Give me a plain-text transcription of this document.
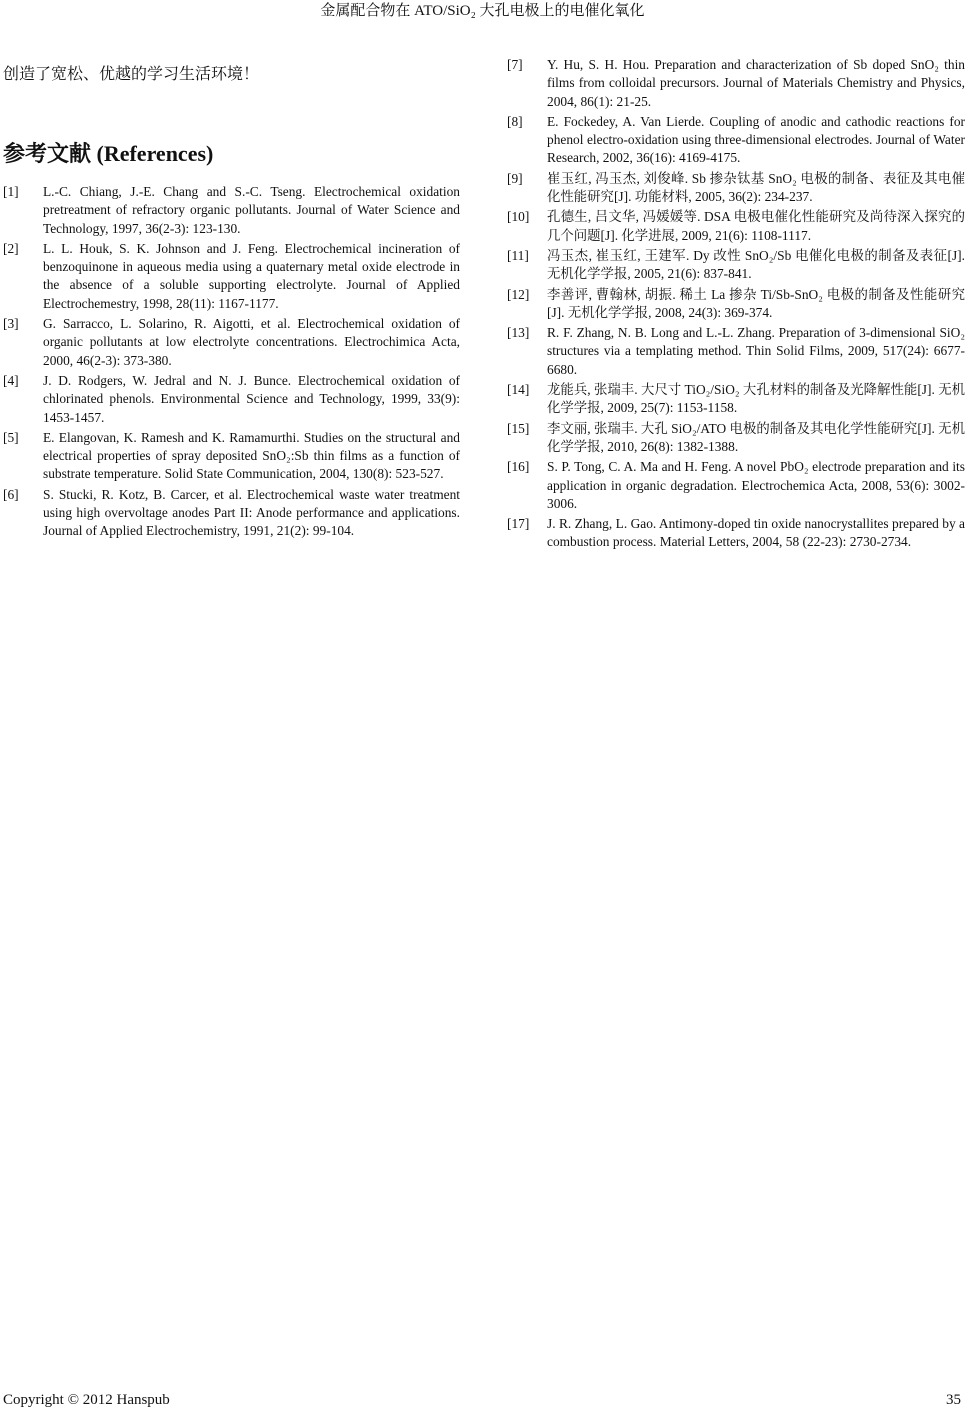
金属配合物在 ATO/SiO₂ 大孔电极上的电催化氧化

创造了宽松、优越的学习生活环境！

参考文献 (References)
[1]	L.-C. Chiang, J.-E. Chang and S.-C. Tseng. Electrochemical oxidation pretreatment of refractory organic pollutants. Journal of Water Science and Technology, 1997, 36(2-3): 123-130.
[2]	L. L. Houk, S. K. Johnson and J. Feng. Electrochemical incineration of benzoquinone in aqueous media using a quaternary metal oxide electrode in the absence of a soluble supporting electrolyte. Journal of Applied Electrochemestry, 1998, 28(11): 1167-1177.
[3]	G. Sarracco, L. Solarino, R. Aigotti, et al. Electrochemical oxidation of organic pollutants at low electrolyte concentrations. Electrochimica Acta, 2000, 46(2-3): 373-380.
[4]	J. D. Rodgers, W. Jedral and N. J. Bunce. Electrochemical oxidation of chlorinated phenols. Environmental Science and Technology, 1999, 33(9): 1453-1457.
[5]	E. Elangovan, K. Ramesh and K. Ramamurthi. Studies on the structural and electrical properties of spray deposited SnO₂:Sb thin films as a function of substrate temperature. Solid State Communication, 2004, 130(8): 523-527.
[6]	S. Stucki, R. Kotz, B. Carcer, et al. Electrochemical waste water treatment using high overvoltage anodes Part II: Anode performance and applications. Journal of Applied Electrochemistry, 1991, 21(2): 99-104.
[7]	Y. Hu, S. H. Hou. Preparation and characterization of Sb doped SnO₂ thin films from colloidal precursors. Journal of Materials Chemistry and Physics, 2004, 86(1): 21-25.
[8]	E. Fockedey, A. Van Lierde. Coupling of anodic and cathodic reactions for phenol electro-oxidation using three-dimensional electrodes. Journal of Water Research, 2002, 36(16): 4169-4175.
[9]	崔玉红, 冯玉杰, 刘俊峰. Sb 掺杂钛基 SnO₂ 电极的制备、表征及其电催化性能研究[J]. 功能材料, 2005, 36(2): 234-237.
[10]	孔德生, 吕文华, 冯媛媛等. DSA 电极电催化性能研究及尚待深入探究的几个问题[J]. 化学进展, 2009, 21(6): 1108-1117.
[11]	冯玉杰, 崔玉红, 王建军. Dy 改性 SnO₂/Sb 电催化电极的制备及表征[J]. 无机化学学报, 2005, 21(6): 837-841.
[12]	李善评, 曹翰林, 胡振. 稀土 La 掺杂 Ti/Sb-SnO₂ 电极的制备及性能研究[J]. 无机化学学报, 2008, 24(3): 369-374.
[13]	R. F. Zhang, N. B. Long and L.-L. Zhang. Preparation of 3-dimensional SiO₂ structures via a templating method. Thin Solid Films, 2009, 517(24): 6677-6680.
[14]	龙能兵, 张瑞丰. 大尺寸 TiO₂/SiO₂ 大孔材料的制备及光降解性能[J]. 无机化学学报, 2009, 25(7): 1153-1158.
[15]	李文丽, 张瑞丰. 大孔 SiO₂/ATO 电极的制备及其电化学性能研究[J]. 无机化学学报, 2010, 26(8): 1382-1388.
[16]	S. P. Tong, C. A. Ma and H. Feng. A novel PbO₂ electrode preparation and its application in organic degradation. Electrochemica Acta, 2008, 53(6): 3002-3006.
[17]	J. R. Zhang, L. Gao. Antimony-doped tin oxide nanocrystallites prepared by a combustion process. Material Letters, 2004, 58 (22-23): 2730-2734.
Copyright © 2012 Hanspub	35
